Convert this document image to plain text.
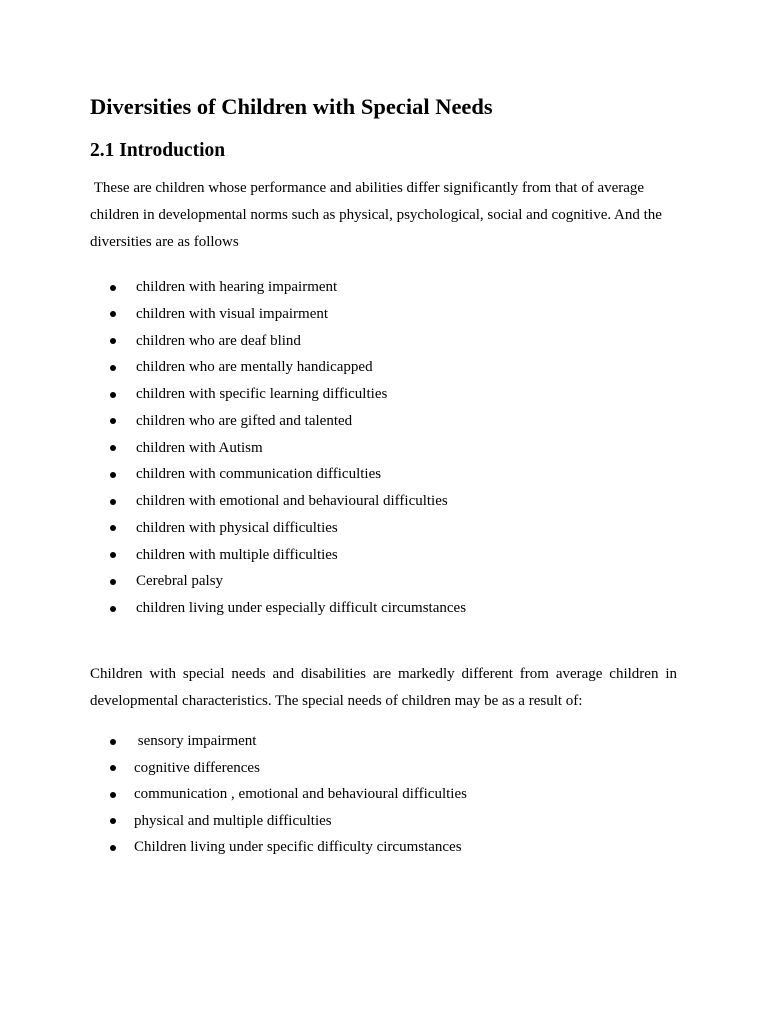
Diversities of Children with Special Needs
2.1 Introduction

These are children whose performance and abilities differ significantly from that of average children in developmental norms such as physical, psychological, social and cognitive. And the diversities are as follows

children with hearing impairment
children with visual impairment
children who are deaf blind
children who are mentally handicapped
children with specific learning difficulties
children who are gifted and talented
children with Autism
children with communication difficulties
children with emotional and behavioural difficulties
children with physical difficulties
children with multiple difficulties
Cerebral palsy
children living under especially difficult circumstances

Children with special needs and disabilities are markedly different from average children in developmental characteristics. The special needs of children may be as a result of:

sensory impairment
cognitive differences
communication , emotional and behavioural difficulties
physical and multiple difficulties
Children living under specific difficulty circumstances
